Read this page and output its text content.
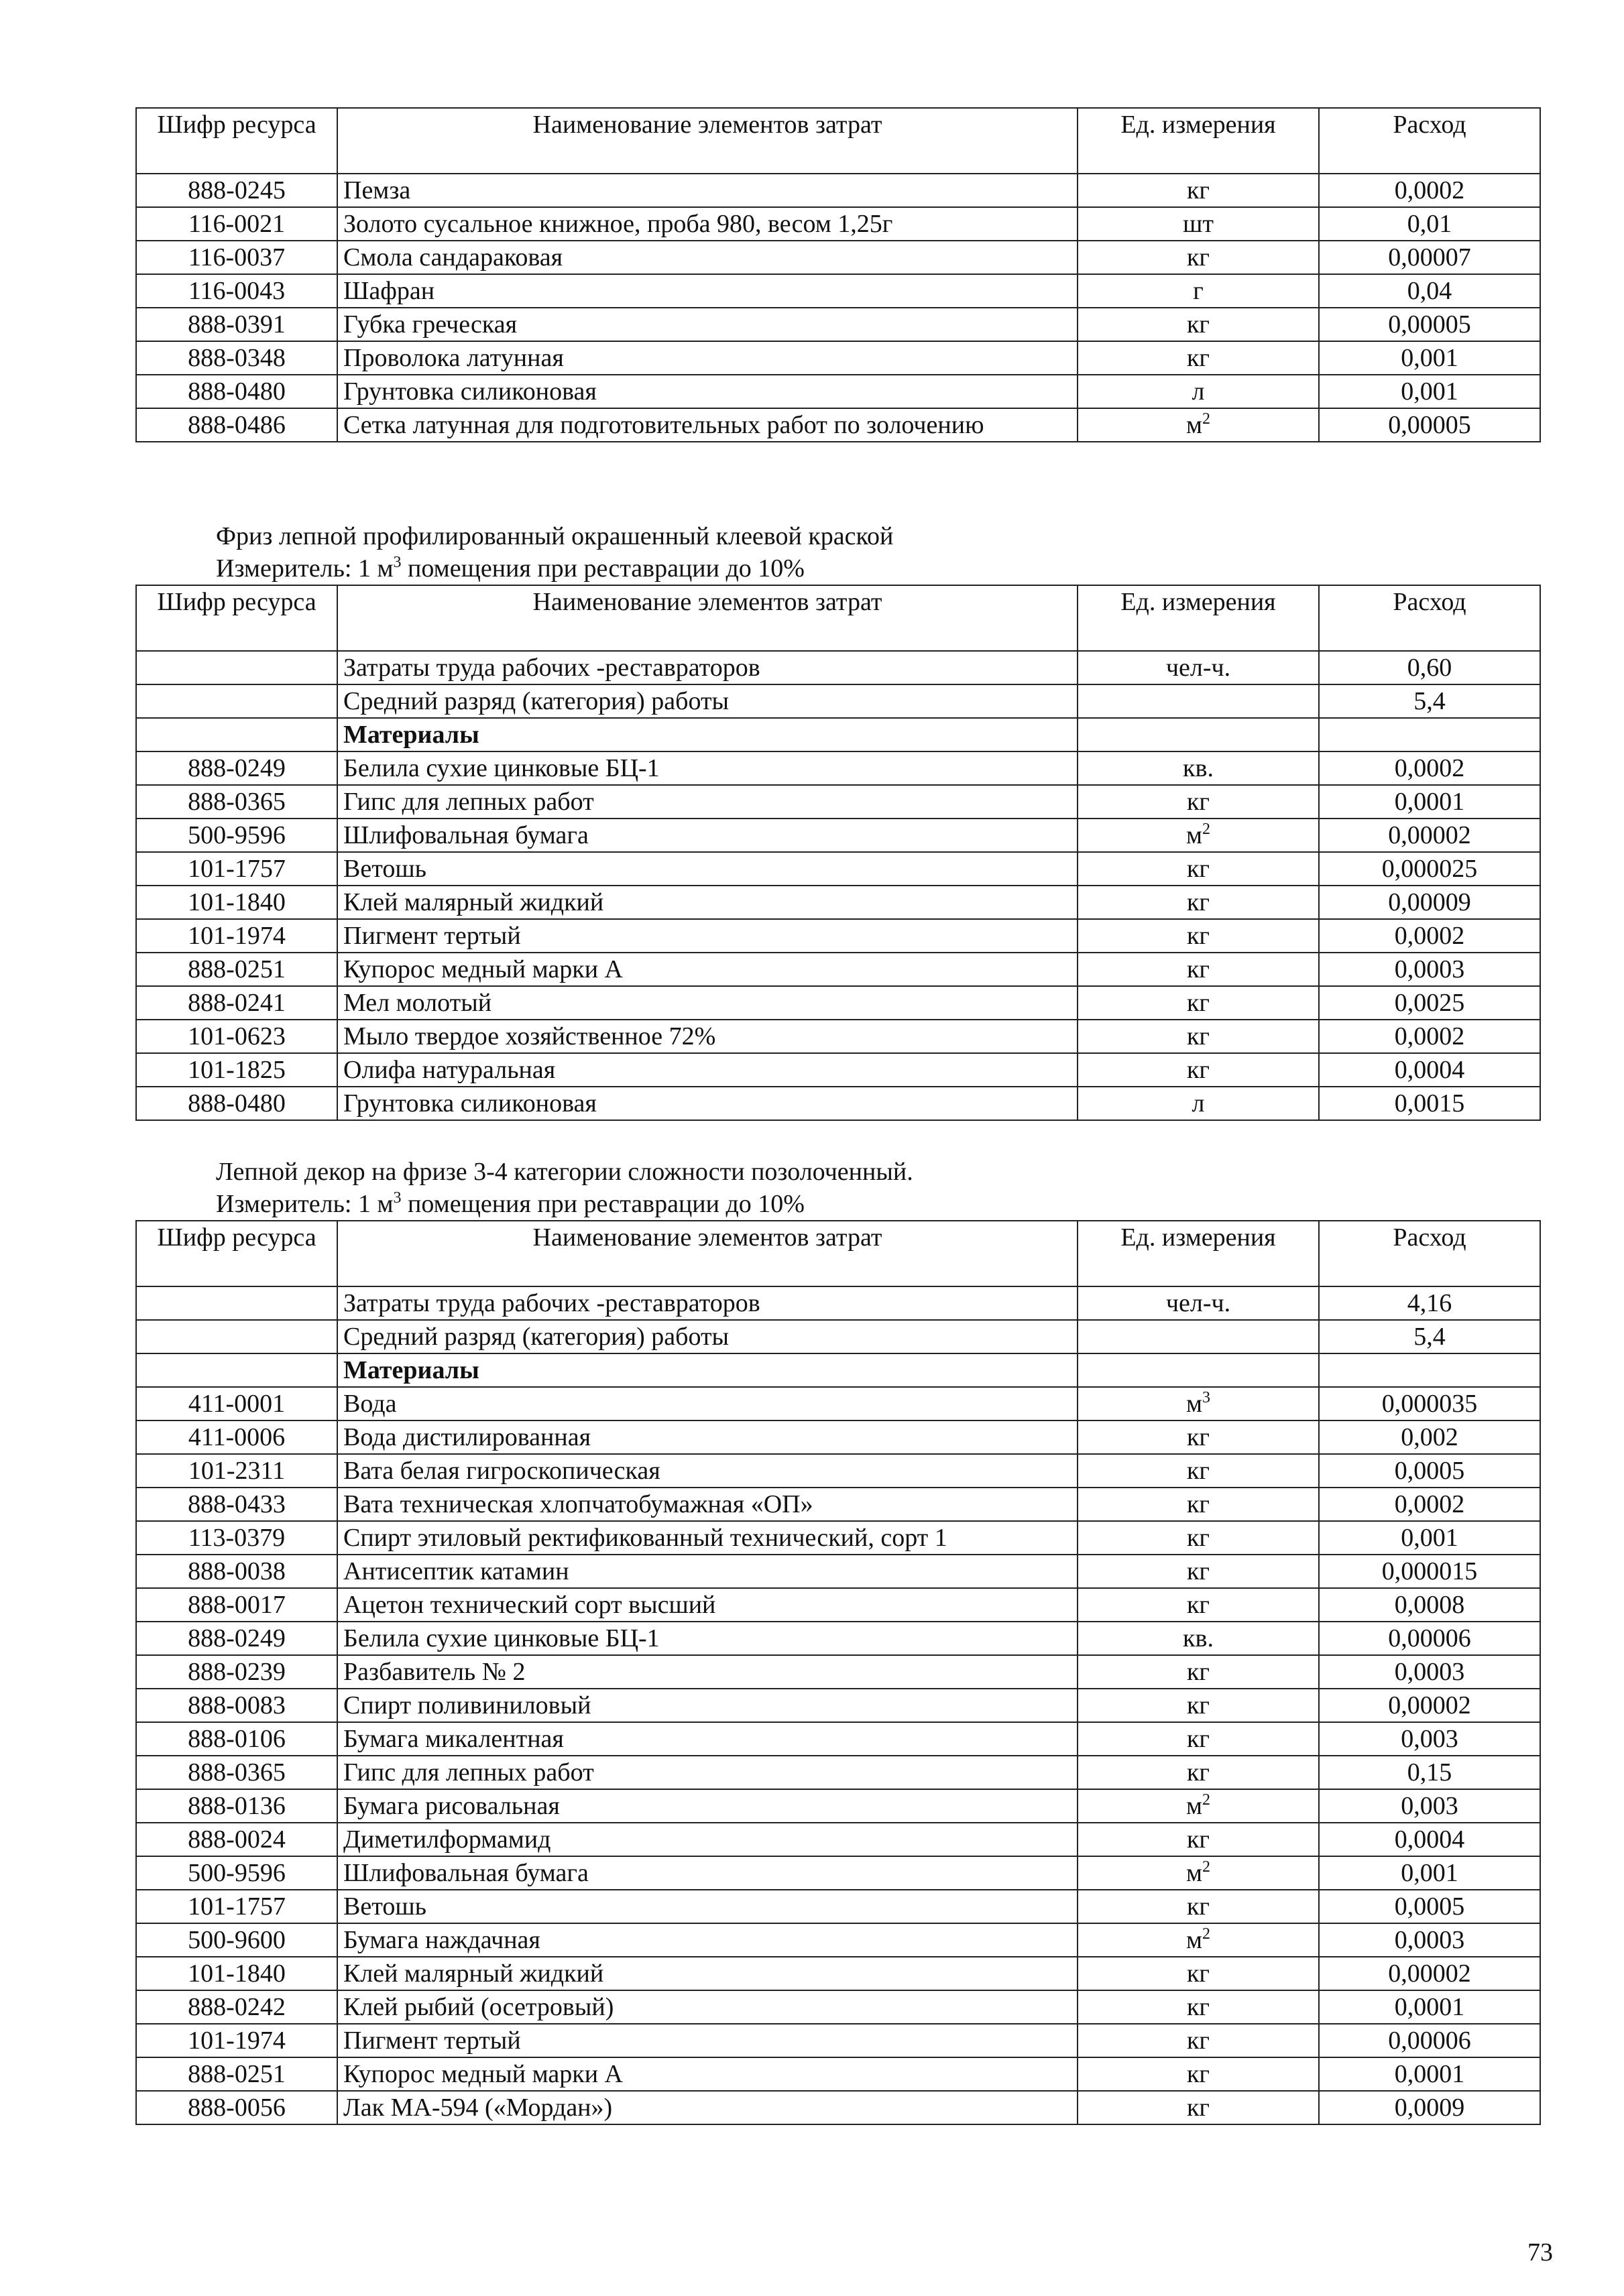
Шифр ресурса	Наименование элементов затрат	Ед. измерения	Расход
888-0245	Пемза	кг	0,0002
116-0021	Золото сусальное книжное, проба 980, весом 1,25г	шт	0,01
116-0037	Смола сандараковая	кг	0,00007
116-0043	Шафран	г	0,04
888-0391	Губка греческая	кг	0,00005
888-0348	Проволока латунная	кг	0,001
888-0480	Грунтовка силиконовая	л	0,001
888-0486	Сетка латунная для подготовительных работ по золочению	$м^2$	0,00005
Фриз лепной профилированный окрашенный клеевой краской
Измеритель: 1 $м^3$ помещения при реставрации до 10%
Шифр ресурса	Наименование элементов затрат	Ед. измерения	Расход
	Затраты труда рабочих -реставраторов	чел-ч.	0,60
	Средний разряд (категория) работы		5,4
	Материалы		
888-0249	Белила сухие цинковые БЦ-1	кв.	0,0002
888-0365	Гипс для лепных работ	кг	0,0001
500-9596	Шлифовальная бумага	$м^2$	0,00002
101-1757	Ветошь	кг	0,000025
101-1840	Клей малярный жидкий	кг	0,00009
101-1974	Пигмент тертый	кг	0,0002
888-0251	Купорос медный марки А	кг	0,0003
888-0241	Мел молотый	кг	0,0025
101-0623	Мыло твердое хозяйственное 72%	кг	0,0002
101-1825	Олифа натуральная	кг	0,0004
888-0480	Грунтовка силиконовая	л	0,0015
Лепной декор на фризе 3-4 категории сложности позолоченный.
Измеритель: 1 $м^3$ помещения при реставрации до 10%
Шифр ресурса	Наименование элементов затрат	Ед. измерения	Расход
	Затраты труда рабочих -реставраторов	чел-ч.	4,16
	Средний разряд (категория) работы		5,4
	Материалы		
411-0001	Вода	$м^3$	0,000035
411-0006	Вода дистилированная	кг	0,002
101-2311	Вата белая гигроскопическая	кг	0,0005
888-0433	Вата техническая хлопчатобумажная «ОП»	кг	0,0002
113-0379	Спирт этиловый ректификованный технический, сорт 1	кг	0,001
888-0038	Антисептик катамин	кг	0,000015
888-0017	Ацетон технический сорт высший	кг	0,0008
888-0249	Белила сухие цинковые БЦ-1	кв.	0,00006
888-0239	Разбавитель № 2	кг	0,0003
888-0083	Спирт поливиниловый	кг	0,00002
888-0106	Бумага микалентная	кг	0,003
888-0365	Гипс для лепных работ	кг	0,15
888-0136	Бумага рисовальная	$м^2$	0,003
888-0024	Диметилформамид	кг	0,0004
500-9596	Шлифовальная бумага	$м^2$	0,001
101-1757	Ветошь	кг	0,0005
500-9600	Бумага наждачная	$м^2$	0,0003
101-1840	Клей малярный жидкий	кг	0,00002
888-0242	Клей рыбий (осетровый)	кг	0,0001
101-1974	Пигмент тертый	кг	0,00006
888-0251	Купорос медный марки А	кг	0,0001
888-0056	Лак МА-594 («Мордан»)	кг	0,0009
73
